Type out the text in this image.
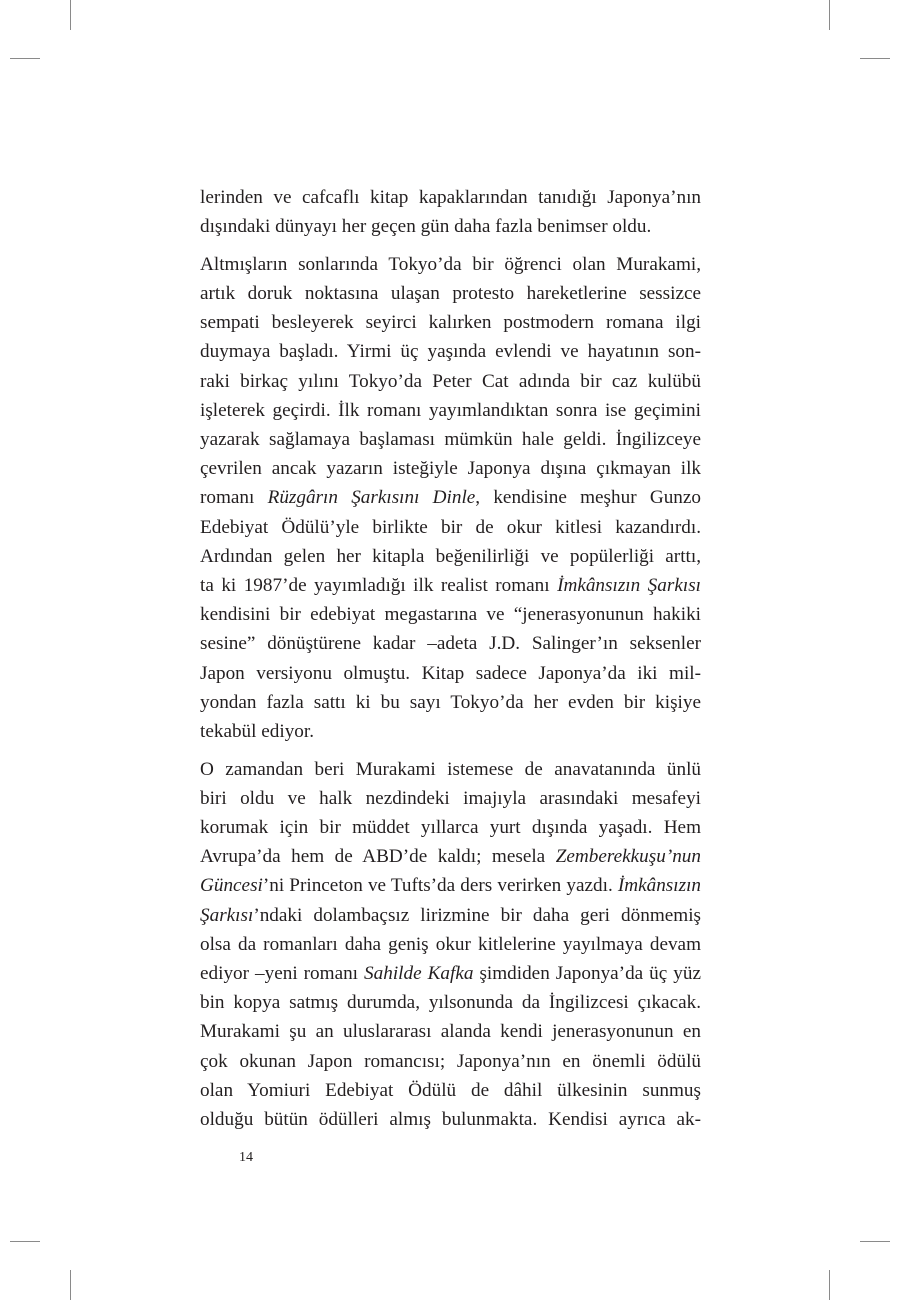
lerinden ve cafcaflı kitap kapaklarından tanıdığı Japonya’nın
dışındaki dünyayı her geçen gün daha fazla benimser oldu.

Altmışların sonlarında Tokyo’da bir öğrenci olan Murakami,
artık doruk noktasına ulaşan protesto hareketlerine sessizce
sempati besleyerek seyirci kalırken postmodern romana ilgi
duymaya başladı. Yirmi üç yaşında evlendi ve hayatının son-
raki birkaç yılını Tokyo’da Peter Cat adında bir caz kulübü
işleterek geçirdi. İlk romanı yayımlandıktan sonra ise geçimini
yazarak sağlamaya başlaması mümkün hale geldi. İngilizceye
çevrilen ancak yazarın isteğiyle Japonya dışına çıkmayan ilk
romanı Rüzgârın Şarkısını Dinle, kendisine meşhur Gunzo
Edebiyat Ödülü’yle birlikte bir de okur kitlesi kazandırdı.
Ardından gelen her kitapla beğenilirliği ve popülerliği arttı,
ta ki 1987’de yayımladığı ilk realist romanı İmkânsızın Şarkısı
kendisini bir edebiyat megastarına ve “jenerasyonunun hakiki
sesine” dönüştürene kadar –adeta J.D. Salinger’ın seksenler
Japon versiyonu olmuştu. Kitap sadece Japonya’da iki mil-
yondan fazla sattı ki bu sayı Tokyo’da her evden bir kişiye
tekabül ediyor.

O zamandan beri Murakami istemese de anavatanında ünlü
biri oldu ve halk nezdindeki imajıyla arasındaki mesafeyi
korumak için bir müddet yıllarca yurt dışında yaşadı. Hem
Avrupa’da hem de ABD’de kaldı; mesela Zemberekkuşu’nun
Güncesi’ni Princeton ve Tufts’da ders verirken yazdı. İmkânsızın
Şarkısı’ndaki dolambaçsız lirizmine bir daha geri dönmemiş
olsa da romanları daha geniş okur kitlelerine yayılmaya devam
ediyor –yeni romanı Sahilde Kafka şimdiden Japonya’da üç yüz
bin kopya satmış durumda, yılsonunda da İngilizcesi çıkacak.
Murakami şu an uluslararası alanda kendi jenerasyonunun en
çok okunan Japon romancısı; Japonya’nın en önemli ödülü
olan Yomiuri Edebiyat Ödülü de dâhil ülkesinin sunmuş
olduğu bütün ödülleri almış bulunmakta. Kendisi ayrıca ak-

14
